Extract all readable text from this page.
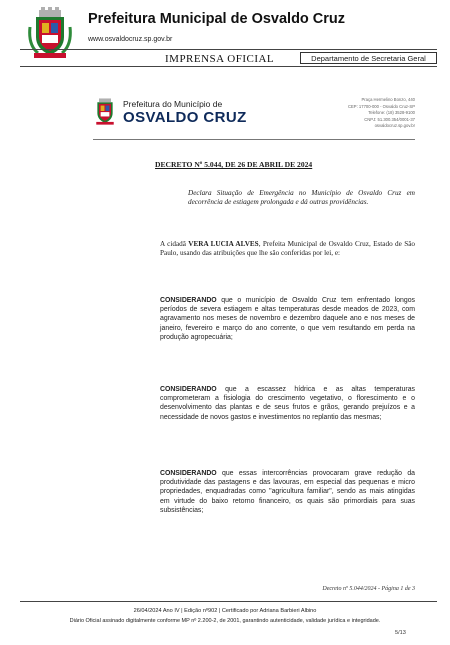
Prefeitura Municipal de Osvaldo Cruz
www.osvaldocruz.sp.gov.br
IMPRENSA OFICIAL	Departamento de Secretaria Geral
Prefeitura do Município de
OSVALDO CRUZ
Praça Hermelino Bonzo, 440
CEP: 17700-000 - Osvaldo Cruz-SP
Telefone: (18) 3528-9100
CNPJ: 51.300.354/0001-37
osvaldocruz.sp.gov.br
DECRETO Nº 5.044, DE 26 DE ABRIL DE 2024
Declara Situação de Emergência no Município de Osvaldo Cruz em decorrência de estiagem prolongada e dá outras providências.
A cidadã VERA LUCIA ALVES, Prefeita Municipal de Osvaldo Cruz, Estado de São Paulo, usando das atribuições que lhe são conferidas por lei, e:
CONSIDERANDO que o município de Osvaldo Cruz tem enfrentado longos períodos de severa estiagem e altas temperaturas desde meados de 2023, com agravamento nos meses de novembro e dezembro daquele ano e nos meses de janeiro, fevereiro e março do ano corrente, o que vem resultando em perda na produção agropecuária;
CONSIDERANDO que a escassez hídrica e as altas temperaturas comprometeram a fisiologia do crescimento vegetativo, o florescimento e o desenvolvimento das plantas e de seus frutos e grãos, gerando prejuízos e a necessidade de novos gastos e investimentos no replantio das mesmas;
CONSIDERANDO que essas intercorrências provocaram grave redução da produtividade das pastagens e das lavouras, em especial das pequenas e micro propriedades, enquadradas como "agricultura familiar", sendo as mais atingidas em virtude do baixo retorno financeiro, os quais são primordiais para suas subsistências;
Decreto nº 5.044/2024 - Página 1 de 3
26/04/2024 Ano IV | Edição nº902 | Certificado por Adriana Barbieri Albino
Diário Oficial assinado digitalmente conforme MP nº 2.200-2, de 2001, garantindo autenticidade, validade jurídica e integridade.
5/13
